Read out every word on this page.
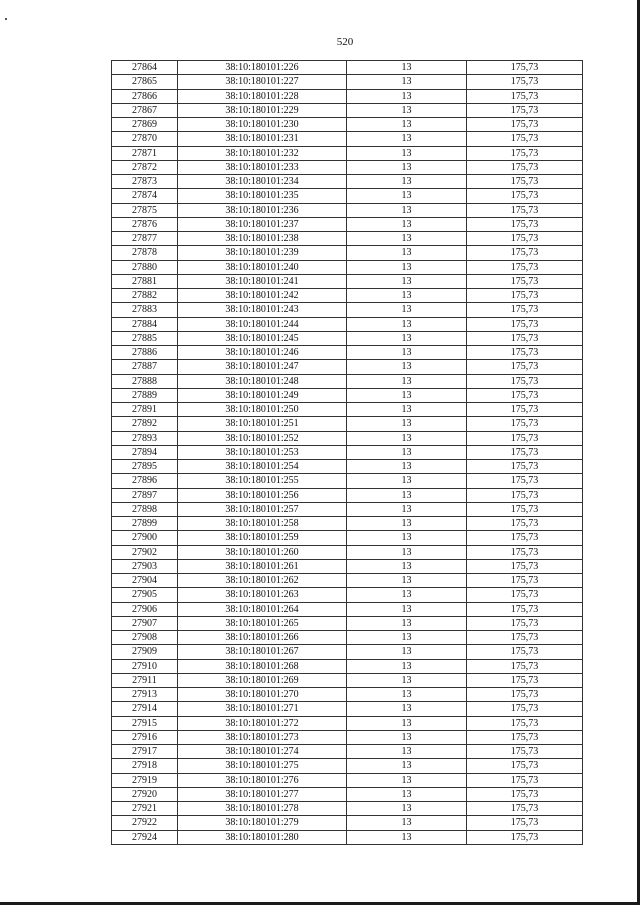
520
27864	38:10:180101:226	13	175,73
27865	38:10:180101:227	13	175,73
27866	38:10:180101:228	13	175,73
27867	38:10:180101:229	13	175,73
27869	38:10:180101:230	13	175,73
27870	38:10:180101:231	13	175,73
27871	38:10:180101:232	13	175,73
27872	38:10:180101:233	13	175,73
27873	38:10:180101:234	13	175,73
27874	38:10:180101:235	13	175,73
27875	38:10:180101:236	13	175,73
27876	38:10:180101:237	13	175,73
27877	38:10:180101:238	13	175,73
27878	38:10:180101:239	13	175,73
27880	38:10:180101:240	13	175,73
27881	38:10:180101:241	13	175,73
27882	38:10:180101:242	13	175,73
27883	38:10:180101:243	13	175,73
27884	38:10:180101:244	13	175,73
27885	38:10:180101:245	13	175,73
27886	38:10:180101:246	13	175,73
27887	38:10:180101:247	13	175,73
27888	38:10:180101:248	13	175,73
27889	38:10:180101:249	13	175,73
27891	38:10:180101:250	13	175,73
27892	38:10:180101:251	13	175,73
27893	38:10:180101:252	13	175,73
27894	38:10:180101:253	13	175,73
27895	38:10:180101:254	13	175,73
27896	38:10:180101:255	13	175,73
27897	38:10:180101:256	13	175,73
27898	38:10:180101:257	13	175,73
27899	38:10:180101:258	13	175,73
27900	38:10:180101:259	13	175,73
27902	38:10:180101:260	13	175,73
27903	38:10:180101:261	13	175,73
27904	38:10:180101:262	13	175,73
27905	38:10:180101:263	13	175,73
27906	38:10:180101:264	13	175,73
27907	38:10:180101:265	13	175,73
27908	38:10:180101:266	13	175,73
27909	38:10:180101:267	13	175,73
27910	38:10:180101:268	13	175,73
27911	38:10:180101:269	13	175,73
27913	38:10:180101:270	13	175,73
27914	38:10:180101:271	13	175,73
27915	38:10:180101:272	13	175,73
27916	38:10:180101:273	13	175,73
27917	38:10:180101:274	13	175,73
27918	38:10:180101:275	13	175,73
27919	38:10:180101:276	13	175,73
27920	38:10:180101:277	13	175,73
27921	38:10:180101:278	13	175,73
27922	38:10:180101:279	13	175,73
27924	38:10:180101:280	13	175,73
